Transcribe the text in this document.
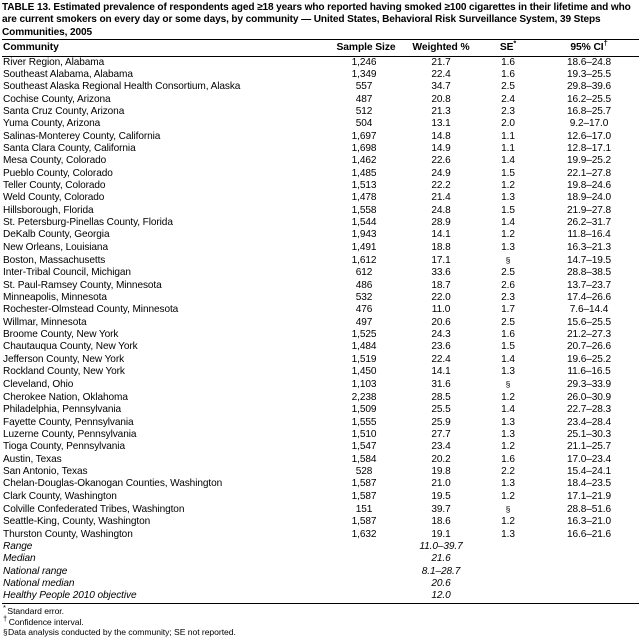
TABLE 13. Estimated prevalence of respondents aged ≥18 years who reported having smoked ≥100 cigarettes in their lifetime and who are current smokers on every day or some days, by community — United States, Behavioral Risk Surveillance System, 39 Steps Communities, 2005
Community	Sample Size	Weighted %	SE*	95% CI†
River Region, Alabama	1,246	21.7	1.6	18.6–24.8
Southeast Alabama, Alabama	1,349	22.4	1.6	19.3–25.5
Southeast Alaska Regional Health Consortium, Alaska	557	34.7	2.5	29.8–39.6
Cochise County, Arizona	487	20.8	2.4	16.2–25.5
Santa Cruz County, Arizona	512	21.3	2.3	16.8–25.7
Yuma County, Arizona	504	13.1	2.0	9.2–17.0
Salinas-Monterey County, California	1,697	14.8	1.1	12.6–17.0
Santa Clara County, California	1,698	14.9	1.1	12.8–17.1
Mesa County, Colorado	1,462	22.6	1.4	19.9–25.2
Pueblo County, Colorado	1,485	24.9	1.5	22.1–27.8
Teller County, Colorado	1,513	22.2	1.2	19.8–24.6
Weld County, Colorado	1,478	21.4	1.3	18.9–24.0
Hillsborough, Florida	1,558	24.8	1.5	21.9–27.8
St. Petersburg-Pinellas County, Florida	1,544	28.9	1.4	26.2–31.7
DeKalb County, Georgia	1,943	14.1	1.2	11.8–16.4
New Orleans, Louisiana	1,491	18.8	1.3	16.3–21.3
Boston, Massachusetts	1,612	17.1	§	14.7–19.5
Inter-Tribal Council, Michigan	612	33.6	2.5	28.8–38.5
St. Paul-Ramsey County, Minnesota	486	18.7	2.6	13.7–23.7
Minneapolis, Minnesota	532	22.0	2.3	17.4–26.6
Rochester-Olmstead County, Minnesota	476	11.0	1.7	7.6–14.4
Willmar, Minnesota	497	20.6	2.5	15.6–25.5
Broome County, New York	1,525	24.3	1.6	21.2–27.3
Chautauqua County, New York	1,484	23.6	1.5	20.7–26.6
Jefferson County, New York	1,519	22.4	1.4	19.6–25.2
Rockland County, New York	1,450	14.1	1.3	11.6–16.5
Cleveland, Ohio	1,103	31.6	§	29.3–33.9
Cherokee Nation, Oklahoma	2,238	28.5	1.2	26.0–30.9
Philadelphia, Pennsylvania	1,509	25.5	1.4	22.7–28.3
Fayette County, Pennsylvania	1,555	25.9	1.3	23.4–28.4
Luzerne County, Pennsylvania	1,510	27.7	1.3	25.1–30.3
Tioga County, Pennsylvania	1,547	23.4	1.2	21.1–25.7
Austin, Texas	1,584	20.2	1.6	17.0–23.4
San Antonio, Texas	528	19.8	2.2	15.4–24.1
Chelan-Douglas-Okanogan Counties, Washington	1,587	21.0	1.3	18.4–23.5
Clark County, Washington	1,587	19.5	1.2	17.1–21.9
Colville Confederated Tribes, Washington	151	39.7	§	28.8–51.6
Seattle-King, County, Washington	1,587	18.6	1.2	16.3–21.0
Thurston County, Washington	1,632	19.1	1.3	16.6–21.6
Range		11.0–39.7		
Median		21.6		
National range		8.1–28.7		
National median		20.6		
Healthy People 2010 objective		12.0		

* Standard error.
† Confidence interval.
§Data analysis conducted by the community; SE not reported.
